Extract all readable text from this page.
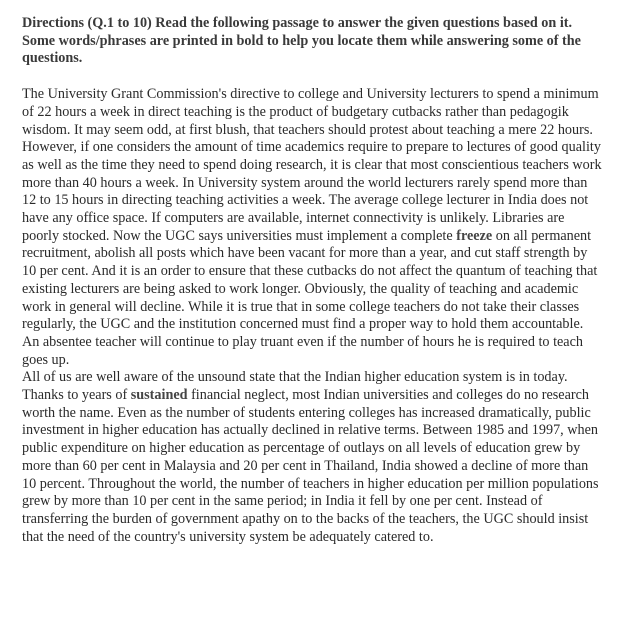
Directions (Q.1 to 10) Read the following passage to answer the given questions based on it. Some words/phrases are printed in bold to help you locate them while answering some of the questions.

The University Grant Commission's directive to college and University lecturers to spend a minimum of 22 hours a week in direct teaching is the product of budgetary cutbacks rather than pedagogik wisdom. It may seem odd, at first blush, that teachers should protest about teaching a mere 22 hours. However, if one considers the amount of time academics require to prepare to lectures of good quality as well as the time they need to spend doing research, it is clear that most conscientious teachers work more than 40 hours a week. In University system around the world lecturers rarely spend more than 12 to 15 hours in directing teaching activities a week. The average college lecturer in India does not have any office space. If computers are available, internet connectivity is unlikely. Libraries are poorly stocked. Now the UGC says universities must implement a complete freeze on all permanent recruitment, abolish all posts which have been vacant for more than a year, and cut staff strength by 10 per cent. And it is an order to ensure that these cutbacks do not affect the quantum of teaching that existing lecturers are being asked to work longer. Obviously, the quality of teaching and academic work in general will decline. While it is true that in some college teachers do not take their classes regularly, the UGC and the institution concerned must find a proper way to hold them accountable. An absentee teacher will continue to play truant even if the number of hours he is required to teach goes up.

All of us are well aware of the unsound state that the Indian higher education system is in today. Thanks to years of sustained financial neglect, most Indian universities and colleges do no research worth the name. Even as the number of students entering colleges has increased dramatically, public investment in higher education has actually declined in relative terms. Between 1985 and 1997, when public expenditure on higher education as percentage of outlays on all levels of education grew by more than 60 per cent in Malaysia and 20 per cent in Thailand, India showed a decline of more than 10 percent. Throughout the world, the number of teachers in higher education per million populations grew by more than 10 per cent in the same period; in India it fell by one per cent. Instead of transferring the burden of government apathy on to the backs of the teachers, the UGC should insist that the need of the country's university system be adequately catered to.
